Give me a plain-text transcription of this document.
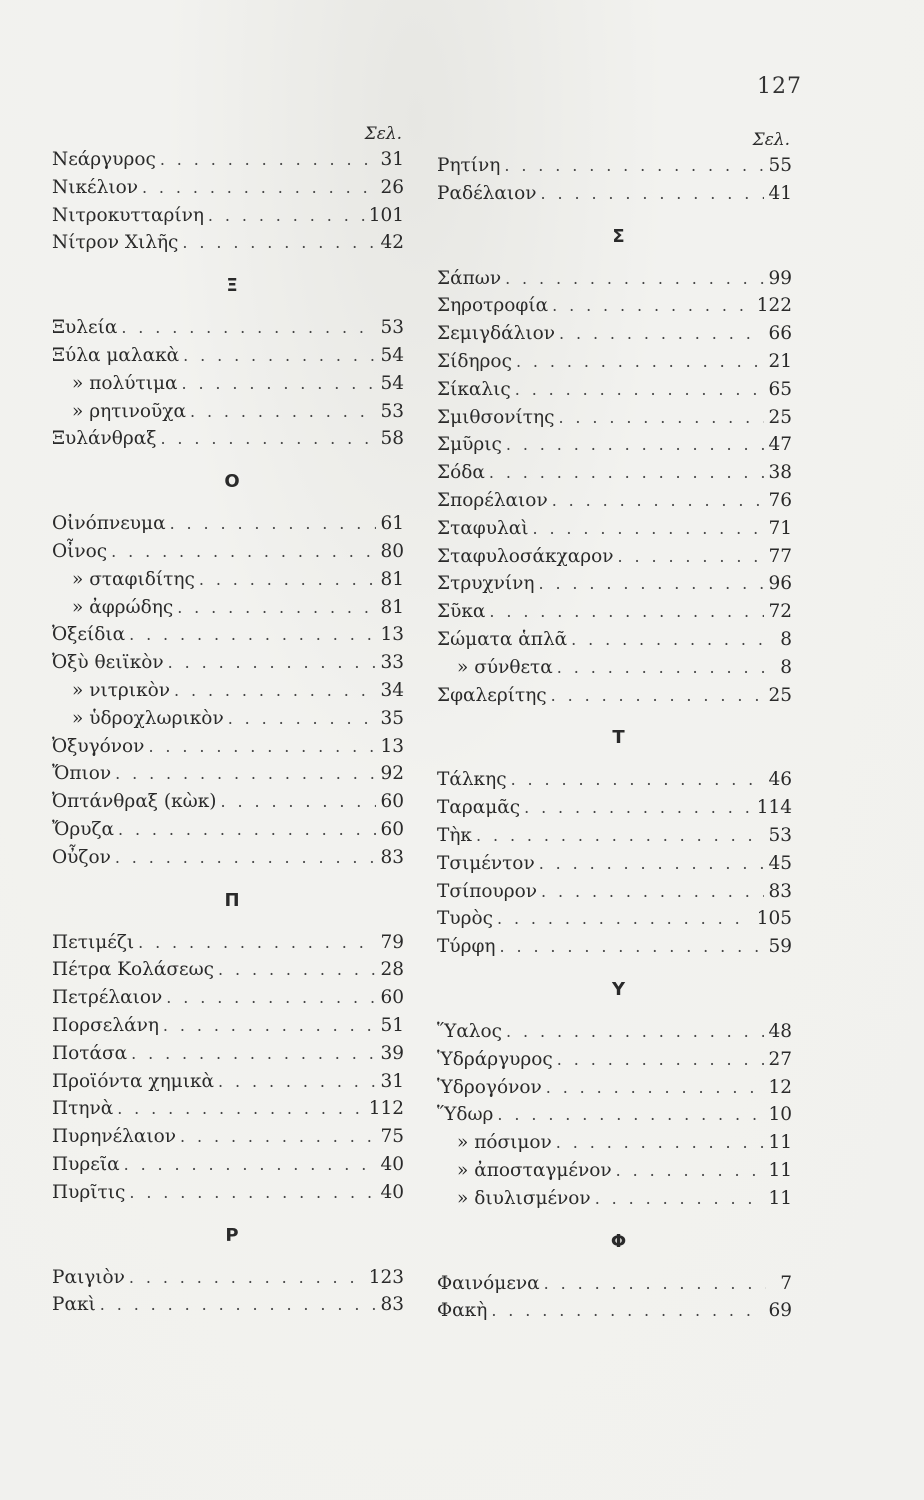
127
Σελ.
Νεάργυρος . . .	31
Νικέλιον . . .	26
Νιτροκυτταρίνη . . .	101
Νίτρον Χιλῆς . . .	42
Ξ
Ξυλεία . . .	53
Ξύλα μαλακὰ . . .	54
» πολύτιμα . . .	54
» ρητινοῦχα . . .	53
Ξυλάνθραξ . . .	58
Ο
Οἰνόπνευμα . . .	61
Οἶνος . . .	80
» σταφιδίτης . . .	81
» ἀφρώδης . . .	81
Ὀξείδια . . .	13
Ὀξὺ θειϊκὸν . . .	33
» νιτρικὸν . . .	34
» ὑδροχλωρικὸν . . .	35
Ὀξυγόνον . . .	13
Ὄπιον . . .	92
Ὀπτάνθραξ (κὼκ) . . .	60
Ὄρυζα . . .	60
Οὖζον . . .	83
Π
Πετιμέζι . . .	79
Πέτρα Κολάσεως . . .	28
Πετρέλαιον . . .	60
Πορσελάνη . . .	51
Ποτάσα . . .	39
Προϊόντα χημικὰ . . .	31
Πτηνὰ . . .	112
Πυρηνέλαιον . . .	75
Πυρεῖα . . .	40
Πυρῖτις . . .	40
Ρ
Ραιγιὸν . . .	123
Ρακὶ . . .	83
Σελ.
Ρητίνη . . .	55
Ραδέλαιον . . .	41
Σ
Σάπων . . .	99
Σηροτροφία . . .	122
Σεμιγδάλιον . . .	66
Σίδηρος . . .	21
Σίκαλις . . .	65
Σμιθσονίτης . . .	25
Σμῦρις . . .	47
Σόδα . . .	38
Σπορέλαιον . . .	76
Σταφυλαὶ . . .	71
Σταφυλοσάκχαρον . . .	77
Στρυχνίνη . . .	96
Σῦκα . . .	72
Σώματα ἁπλᾶ . . .	8
» σύνθετα . . .	8
Σφαλερίτης . . .	25
Τ
Τάλκης . . .	46
Ταραμᾶς . . .	114
Τὴκ . . .	53
Τσιμέντον . . .	45
Τσίπουρον . . .	83
Τυρὸς . . .	105
Τύρφη . . .	59
Υ
Ὕαλος . . .	48
Ὑδράργυρος . . .	27
Ὑδρογόνον . . .	12
Ὕδωρ . . .	10
» πόσιμον . . .	11
» ἀποσταγμένον . . .	11
» διυλισμένον . . .	11
Φ
Φαινόμενα . . .	7
Φακὴ . . .	69
